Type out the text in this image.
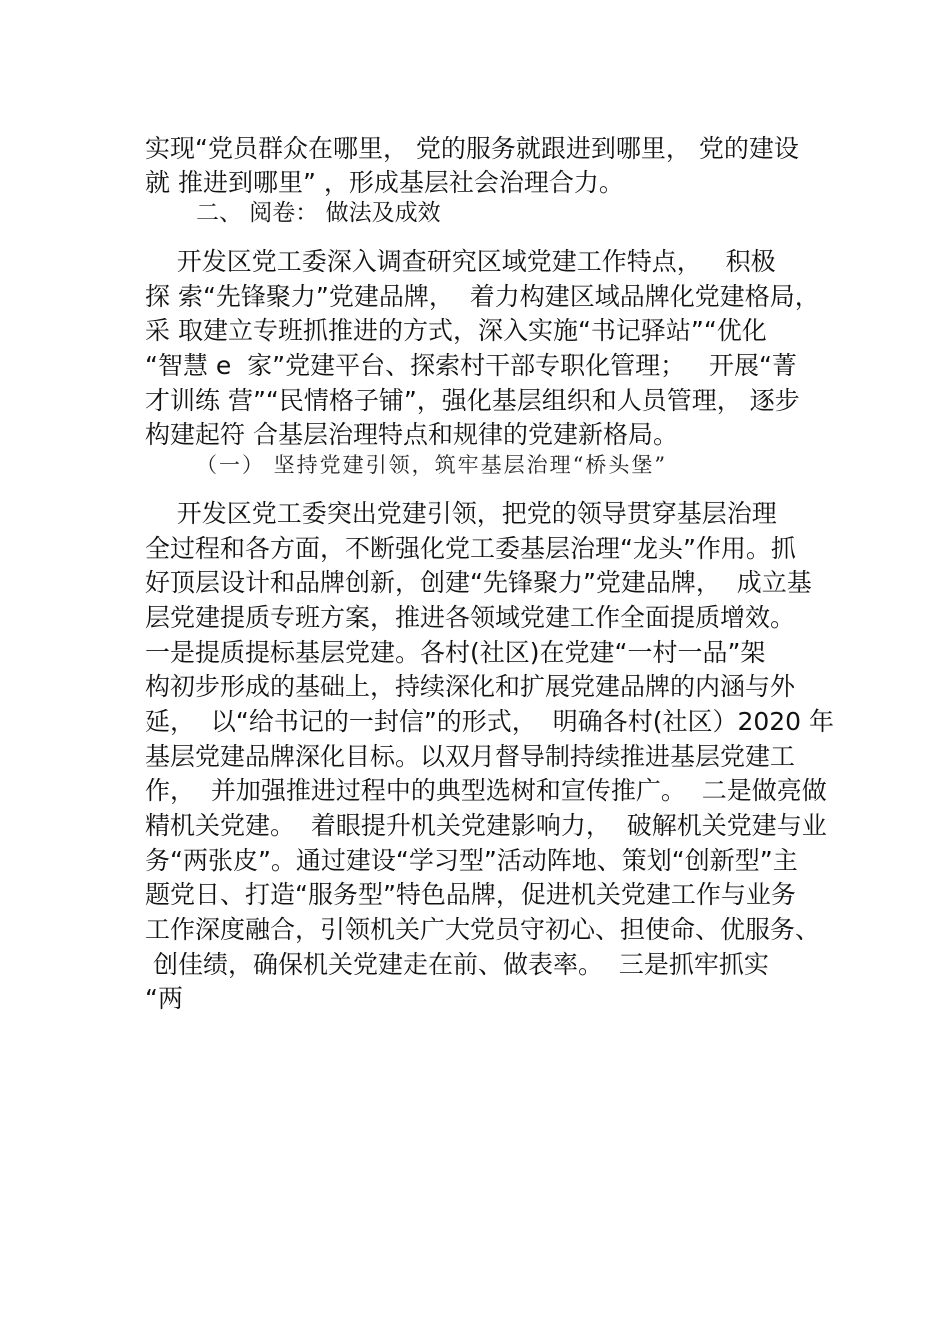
实现“党员群众在哪里， 党的服务就跟进到哪里， 党的建设
就 推进到哪里” ，形成基层社会治理合力。
二、 阅卷： 做法及成效
开发区党工委深入调查研究区域党建工作特点，   积极
探 索“先锋聚力”党建品牌，  着力构建区域品牌化党建格局，
采 取建立专班抓推进的方式，深入实施“书记驿站”“优化
“智慧 e  家”党建平台、探索村干部专职化管理；   开展“菁
才训练 营”“民情格子铺”，强化基层组织和人员管理， 逐步
构建起符 合基层治理特点和规律的党建新格局。
（一） 坚持党建引领，筑牢基层治理“桥头堡”
开发区党工委突出党建引领，把党的领导贯穿基层治理
全过程和各方面，不断强化党工委基层治理“龙头”作用。抓
好顶层设计和品牌创新，创建“先锋聚力”党建品牌，  成立基
层党建提质专班方案，推进各领域党建工作全面提质增效。
一是提质提标基层党建。各村(社区)在党建“一村一品”架
构初步形成的基础上，持续深化和扩展党建品牌的内涵与外
延，  以“给书记的一封信”的形式，  明确各村(社区）2020 年
基层党建品牌深化目标。以双月督导制持续推进基层党建工
作，  并加强推进过程中的典型选树和宣传推广。  二是做亮做
精机关党建。  着眼提升机关党建影响力，  破解机关党建与业
务“两张皮”。通过建设“学习型”活动阵地、策划“创新型”主
题党日、打造“服务型”特色品牌，促进机关党建工作与业务
工作深度融合，引领机关广大党员守初心、担使命、优服务、
创佳绩，确保机关党建走在前、做表率。  三是抓牢抓实
“两
